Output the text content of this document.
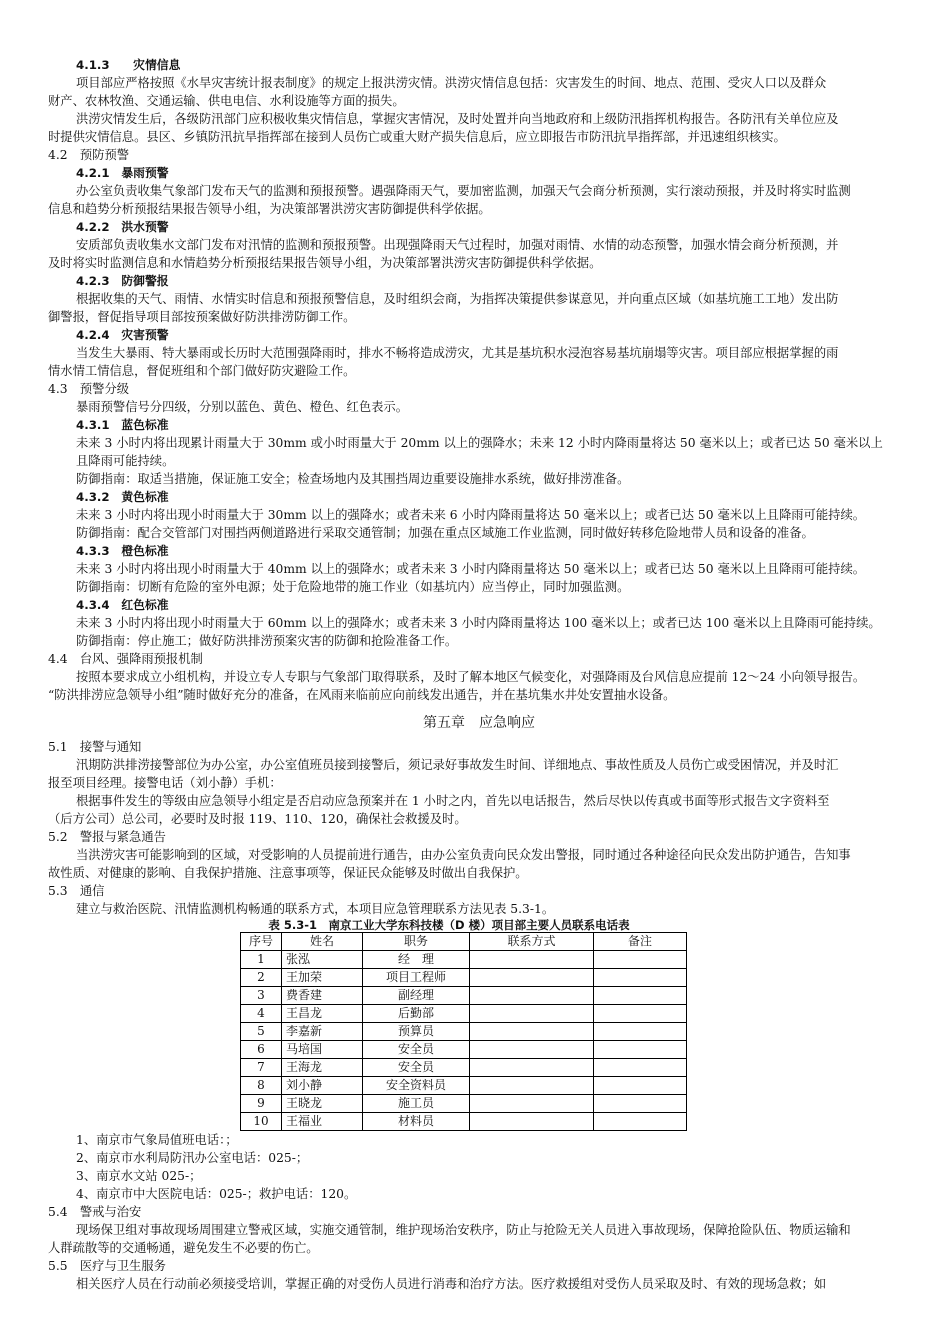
4.1.3　　灾情信息
项目部应严格按照《水旱灾害统计报表制度》的规定上报洪涝灾情。洪涝灾情信息包括：灾害发生的时间、地点、范围、受灾人口以及群众
财产、农林牧渔、交通运输、供电电信、水利设施等方面的损失。
洪涝灾情发生后，各级防汛部门应积极收集灾情信息，掌握灾害情况，及时处置并向当地政府和上级防汛指挥机构报告。各防汛有关单位应及
时提供灾情信息。县区、乡镇防汛抗旱指挥部在接到人员伤亡或重大财产损失信息后，应立即报告市防汛抗旱指挥部，并迅速组织核实。
4.2　预防预警
4.2.1　暴雨预警
办公室负责收集气象部门发布天气的监测和预报预警。遇强降雨天气，要加密监测，加强天气会商分析预测，实行滚动预报，并及时将实时监测
信息和趋势分析预报结果报告领导小组，为决策部署洪涝灾害防御提供科学依据。
4.2.2　洪水预警
安质部负责收集水文部门发布对汛情的监测和预报预警。出现强降雨天气过程时，加强对雨情、水情的动态预警，加强水情会商分析预测，并
及时将实时监测信息和水情趋势分析预报结果报告领导小组，为决策部署洪涝灾害防御提供科学依据。
4.2.3　防御警报
根据收集的天气、雨情、水情实时信息和预报预警信息，及时组织会商，为指挥决策提供参谋意见，并向重点区域（如基坑施工工地）发出防
御警报，督促指导项目部按预案做好防洪排涝防御工作。
4.2.4　灾害预警
当发生大暴雨、特大暴雨或长历时大范围强降雨时，排水不畅将造成涝灾，尤其是基坑积水浸泡容易基坑崩塌等灾害。项目部应根据掌握的雨
情水情工情信息，督促班组和个部门做好防灾避险工作。
4.3　预警分级
暴雨预警信号分四级，分别以蓝色、黄色、橙色、红色表示。
4.3.1　蓝色标准
未来 3 小时内将出现累计雨量大于 30mm 或小时雨量大于 20mm 以上的强降水；未来 12 小时内降雨量将达 50 毫米以上；或者已达 50 毫米以上
且降雨可能持续。
防御指南：取适当措施，保证施工安全；检查场地内及其围挡周边重要设施排水系统，做好排涝准备。
4.3.2　黄色标准
未来 3 小时内将出现小时雨量大于 30mm 以上的强降水；或者未来 6 小时内降雨量将达 50 毫米以上；或者已达 50 毫米以上且降雨可能持续。
防御指南：配合交管部门对围挡两侧道路进行采取交通管制；加强在重点区域施工作业监测，同时做好转移危险地带人员和设备的准备。
4.3.3　橙色标准
未来 3 小时内将出现小时雨量大于 40mm 以上的强降水；或者未来 3 小时内降雨量将达 50 毫米以上；或者已达 50 毫米以上且降雨可能持续。
防御指南：切断有危险的室外电源；处于危险地带的施工作业（如基坑内）应当停止，同时加强监测。
4.3.4　红色标准
未来 3 小时内将出现小时雨量大于 60mm 以上的强降水；或者未来 3 小时内降雨量将达 100 毫米以上；或者已达 100 毫米以上且降雨可能持续。
防御指南：停止施工；做好防洪排涝预案灾害的防御和抢险准备工作。
4.4　台风、强降雨预报机制
按照本要求成立小组机构，并设立专人专职与气象部门取得联系，及时了解本地区气候变化，对强降雨及台风信息应提前 12～24 小向领导报告。
“防洪排涝应急领导小组”随时做好充分的准备，在风雨来临前应向前线发出通告，并在基坑集水井处安置抽水设备。
第五章　应急响应
5.1　接警与通知
汛期防洪排涝接警部位为办公室，办公室值班员接到接警后，须记录好事故发生时间、详细地点、事故性质及人员伤亡或受困情况，并及时汇
报至项目经理。接警电话（刘小静）手机：
根据事件发生的等级由应急领导小组定是否启动应急预案并在 1 小时之内，首先以电话报告，然后尽快以传真或书面等形式报告文字资料至
（后方公司）总公司，必要时及时报 119、110、120，确保社会救援及时。
5.2　警报与紧急通告
当洪涝灾害可能影响到的区域，对受影响的人员提前进行通告，由办公室负责向民众发出警报，同时通过各种途径向民众发出防护通告，告知事
故性质、对健康的影响、自我保护措施、注意事项等，保证民众能够及时做出自我保护。
5.3　通信
建立与救治医院、汛情监测机构畅通的联系方式，本项目应急管理联系方法见表 5.3-1。
表 5.3-1　南京工业大学东科技楼（D 楼）项目部主要人员联系电话表
序号	姓名	职务	联系方式	备注
1	张泓	经　理		
2	王加荣	项目工程师		
3	费香建	副经理		
4	王昌龙	后勤部		
5	李嘉新	预算员		
6	马培国	安全员		
7	王海龙	安全员		
8	刘小静	安全资料员		
9	王晓龙	施工员		
10	王福业	材料员		
1、南京市气象局值班电话：；
2、南京市水利局防汛办公室电话：025-；
3、南京水文站 025-；
4、南京市中大医院电话：025-；救护电话：120。
5.4　警戒与治安
现场保卫组对事故现场周围建立警戒区域，实施交通管制，维护现场治安秩序，防止与抢险无关人员进入事故现场，保障抢险队伍、物质运输和
人群疏散等的交通畅通，避免发生不必要的伤亡。
5.5　医疗与卫生服务
相关医疗人员在行动前必须接受培训，掌握正确的对受伤人员进行消毒和治疗方法。医疗救援组对受伤人员采取及时、有效的现场急救；如
